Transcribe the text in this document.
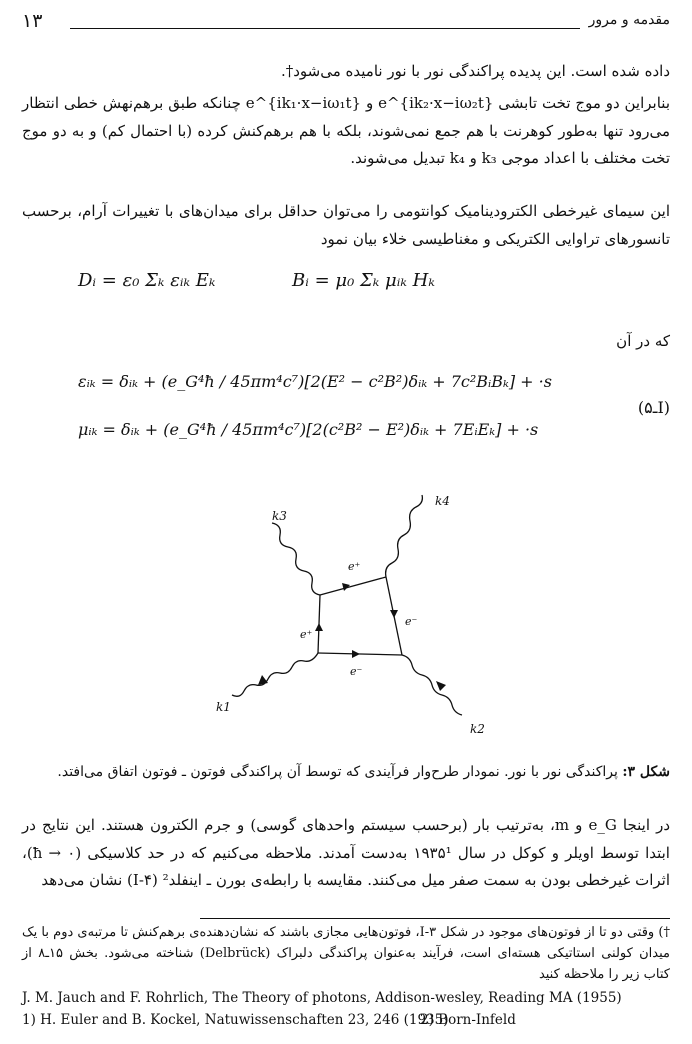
۱۳	مقدمه و مرور
داده شده است. این پدیده پراکندگی نور با نور نامیده می‌شود†.
بنابراین دو موج تخت تابشی e^{ik₂·x−iω₂t} و e^{ik₁·x−iω₁t} چنانکه طبق برهم‌نهش خطی انتظار می‌رود تنها به‌طور کوهرنت با هم جمع نمی‌شوند، بلکه با هم برهم‌کنش کرده (با احتمال کم) و به دو موج تخت مختلف با اعداد موجی k₃ و k₄ تبدیل می‌شوند.
این سیمای غیرخطی الکترودینامیک کوانتومی را می‌توان حداقل برای میدان‌های با تغییرات آرام، برحسب تانسورهای تراوایی الکتریکی و مغناطیسی خلاء بیان نمود
Dᵢ = ε₀ Σₖ εᵢₖ Eₖ	Bᵢ = μ₀ Σₖ μᵢₖ Hₖ
که در آن
εᵢₖ = δᵢₖ + (e_G⁴ħ / 45πm⁴c⁷)[2(E² − c²B²)δᵢₖ + 7c²BᵢBₖ] + ·s
μᵢₖ = δᵢₖ + (e_G⁴ħ / 45πm⁴c⁷)[2(c²B² − E²)δᵢₖ + 7EᵢEₖ] + ·s
(۵ـI)
e⁺
e⁺
e⁻
e⁻
k1
k2
k3
k4
شکل ۳: پراکندگی نور با نور. نمودار طرح‌وار فرآیندی که توسط آن پراکندگی فوتون ـ فوتون اتفاق می‌افتد.
در اینجا e_G و m، به‌ترتیب بار (برحسب سیستم واحدهای گوسی) و جرم الکترون هستند. این نتایج در ابتدا توسط اویلر و کوکل در سال ۱۹۳۵¹ به‌دست آمدند. ملاحظه می‌کنیم که در حد کلاسیکی (ħ → ۰)، اثرات غیرخطی بودن به سمت صفر میل می‌کنند. مقایسه با رابطه‌ی بورن ـ اینفلد² (I‑۴) نشان می‌دهد
†) وقتی دو تا از فوتون‌های موجود در شکل I‑۳، فوتون‌هایی مجازی باشند که نشان‌دهنده‌ی برهم‌کنش تا مرتبه‌ی دوم با یک میدان کولنی استاتیکی هسته‌ای است، فرآیند به‌عنوان پراکندگی دلبراک (Delbrück) شناخته می‌شود. بخش ۱۵ـ۸ از کتاب زیر را ملاحظه کنید
J. M. Jauch and F. Rohrlich, The Theory of photons, Addison-wesley, Reading MA (1955)
1) H. Euler and B. Kockel, Natuwissenschaften 23, 246 (1935)
2) Born-Infeld
